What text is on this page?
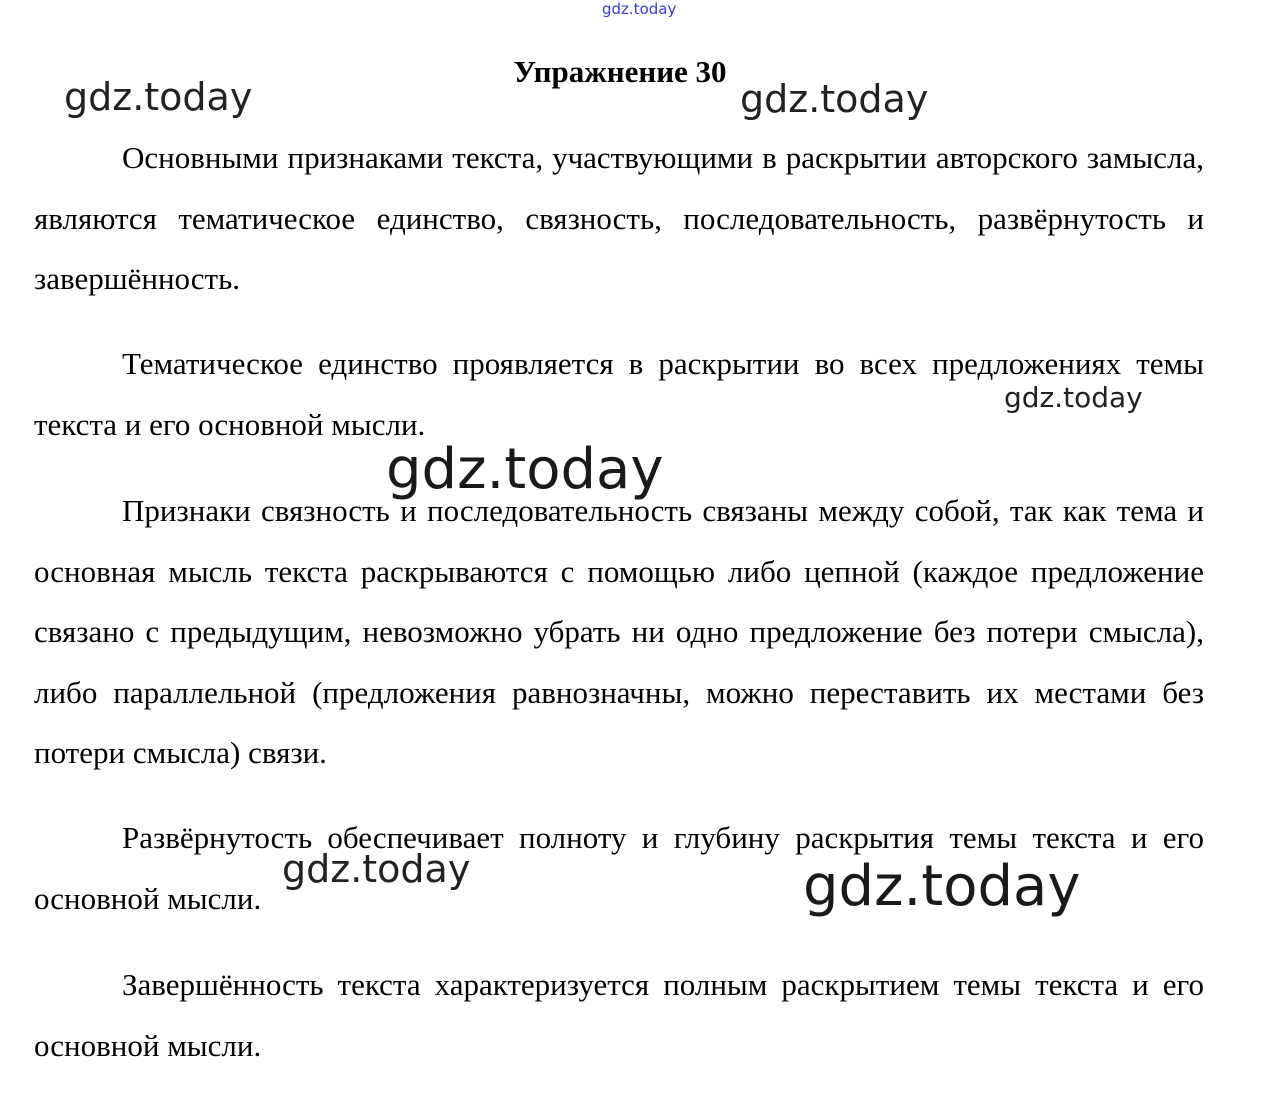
gdz.today
Упражнение 30

Основными признаками текста, участвующими в раскрытии авторского замысла, являются тематическое единство, связность, последовательность, развёрнутость и завершённость.

Тематическое единство проявляется в раскрытии во всех предложениях темы текста и его основной мысли.

Признаки связность и последовательность связаны между собой, так как тема и основная мысль текста раскрываются с помощью либо цепной (каждое предложение связано с предыдущим, невозможно убрать ни одно предложение без потери смысла), либо параллельной (предложения равнозначны, можно переставить их местами без потери смысла) связи.

Развёрнутость обеспечивает полноту и глубину раскрытия темы текста и его основной мысли.

Завершённость текста характеризуется полным раскрытием темы текста и его основной мысли.

gdz.today	gdz.today
gdz.today
gdz.today
gdz.today	gdz.today
